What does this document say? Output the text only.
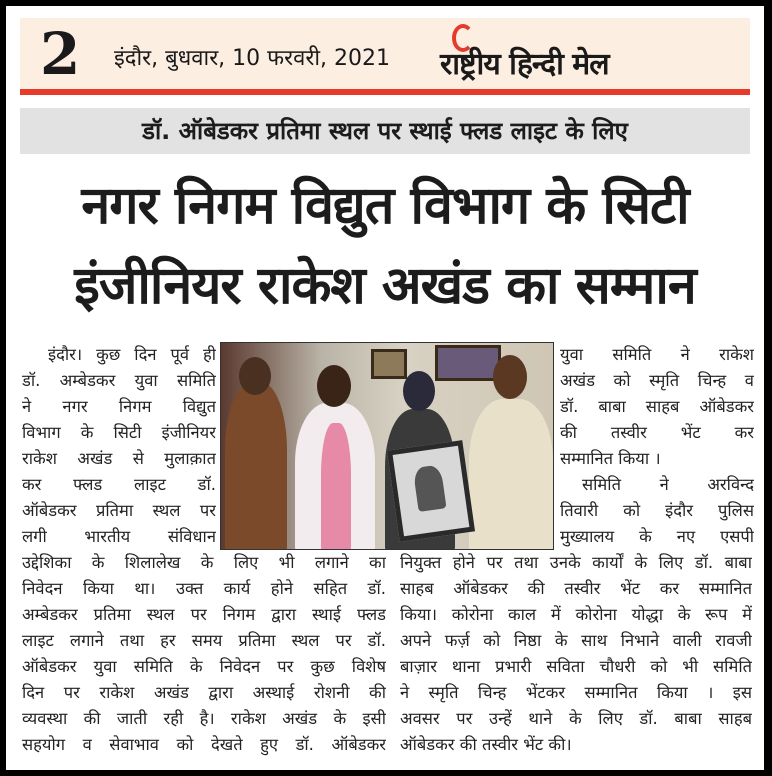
2 इंदौर, बुधवार, 10 फरवरी, 2021 राष्ट्रीय हिन्दी मेल
डॉ. ऑबेडकर प्रतिमा स्थल पर स्थाई फ्लड लाइट के लिए
नगर निगम विद्युत विभाग के सिटी
इंजीनियर राकेश अखंड का सम्मान
इंदौर। कुछ दिन पूर्व ही
डॉ. अम्बेडकर युवा समिति
ने नगर निगम विद्युत
विभाग के सिटी इंजीनियर
राकेश अखंड से मुलाक़ात
कर फ्लड लाइट डॉ.
ऑबेडकर प्रतिमा स्थल पर
लगी भारतीय संविधान
युवा समिति ने राकेश
अखंड को स्मृति चिन्ह व
डॉ. बाबा साहब ऑबेडकर
की तस्वीर भेंट कर
सम्मानित किया ।
समिति ने अरविन्द
तिवारी को इंदौर पुलिस
मुख्यालय के नए एसपी
उद्देशिका के शिलालेख के लिए भी लगाने का
निवेदन किया था। उक्त कार्य होने सहित डॉ.
अम्बेडकर प्रतिमा स्थल पर निगम द्वारा स्थाई फ्लड
लाइट लगाने तथा हर समय प्रतिमा स्थल पर डॉ.
ऑबेडकर युवा समिति के निवेदन पर कुछ विशेष
दिन पर राकेश अखंड द्वारा अस्थाई रोशनी की
व्यवस्था की जाती रही है। राकेश अखंड के इसी
सहयोग व सेवाभाव को देखते हुए डॉ. ऑबेडकर
नियुक्त होने पर तथा उनके कार्यों के लिए डॉ. बाबा
साहब ऑबेडकर की तस्वीर भेंट कर सम्मानित
किया। कोरोना काल में कोरोना योद्धा के रूप में
अपने फर्ज़ को निष्ठा के साथ निभाने वाली रावजी
बाज़ार थाना प्रभारी सविता चौधरी को भी समिति
ने स्मृति चिन्ह भेंटकर सम्मानित किया । इस
अवसर पर उन्हें थाने के लिए डॉ. बाबा साहब
ऑबेडकर की तस्वीर भेंट की।
